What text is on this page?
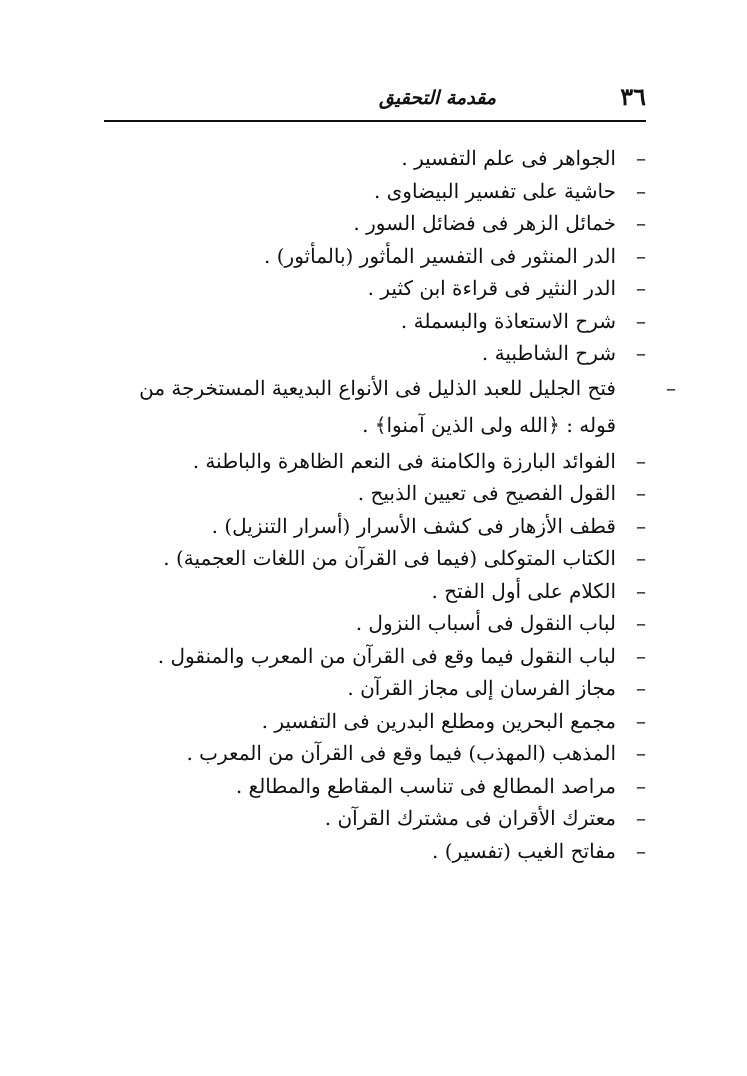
٣٦
مقدمة التحقيق
–الجواهر فى علم التفسير .
–حاشية على تفسير البيضاوى .
–خمائل الزهر فى فضائل السور .
–الدر المنثور فى التفسير المأثور (بالمأثور) .
–الدر النثير فى قراءة ابن كثير .
–شرح الاستعاذة والبسملة .
–شرح الشاطبية .
–فتح الجليل للعبد الذليل فى الأنواع البديعية المستخرجة من قوله : ﴿الله ولى الذين آمنوا﴾ .
–الفوائد البارزة والكامنة فى النعم الظاهرة والباطنة .
–القول الفصيح فى تعيين الذبيح .
–قطف الأزهار فى كشف الأسرار (أسرار التنزيل) .
–الكتاب المتوكلى (فيما فى القرآن من اللغات العجمية) .
–الكلام على أول الفتح .
–لباب النقول فى أسباب النزول .
–لباب النقول فيما وقع فى القرآن من المعرب والمنقول .
–مجاز الفرسان إلى مجاز القرآن .
–مجمع البحرين ومطلع البدرين فى التفسير .
–المذهب (المهذب) فيما وقع فى القرآن من المعرب .
–مراصد المطالع فى تناسب المقاطع والمطالع .
–معترك الأقران فى مشترك القرآن .
–مفاتح الغيب (تفسير) .
